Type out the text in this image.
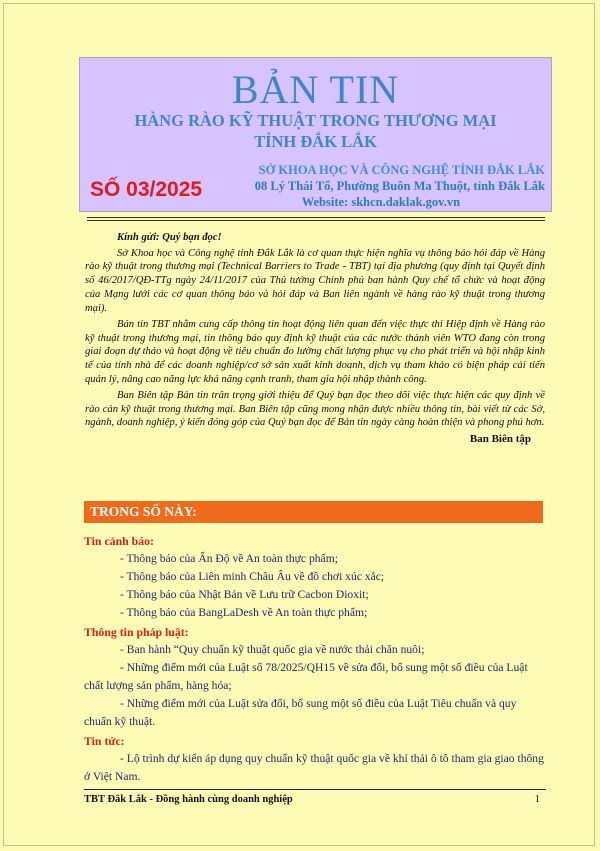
BẢN TIN
HÀNG RÀO KỸ THUẬT TRONG THƯƠNG MẠI
TỈNH ĐẮK LẮK
SỐ 03/2025
SỞ KHOA HỌC VÀ CÔNG NGHỆ TỈNH ĐẮK LẮK
08 Lý Thái Tổ, Phường Buôn Ma Thuột, tỉnh Đắk Lắk
Website: skhcn.daklak.gov.vn

Kính gửi: Quý bạn đọc!

Sở Khoa học và Công nghệ tỉnh Đắk Lắk là cơ quan thực hiện nghĩa vụ thông báo hỏi đáp về Hàng rào kỹ thuật trong thương mại (Technical Barriers to Trade - TBT) tại địa phương (quy định tại Quyết định số 46/2017/QĐ-TTg ngày 24/11/2017 của Thủ tướng Chính phủ ban hành Quy chế tổ chức và hoạt động của Mạng lưới các cơ quan thông báo và hỏi đáp và Ban liên ngành về hàng rào kỹ thuật trong thương mại).

Bản tin TBT nhằm cung cấp thông tin hoạt động liên quan đến việc thực thi Hiệp định về Hàng rào kỹ thuật trong thương mại, tin thông báo quy định kỹ thuật của các nước thành viên WTO đang còn trong giai đoạn dự thảo và hoạt động về tiêu chuẩn đo lường chất lượng phục vụ cho phát triển và hội nhập kinh tế của tỉnh nhà để các doanh nghiệp/cơ sở sản xuất kinh doanh, dịch vụ tham khảo có biện pháp cải tiến quản lý, nâng cao năng lực khả năng cạnh tranh, tham gia hội nhập thành công.

Ban Biên tập Bản tin trân trọng giới thiệu để Quý bạn đọc theo dõi việc thực hiện các quy định về rào cản kỹ thuật trong thương mại. Ban Biên tập cũng mong nhận được nhiều thông tin, bài viết từ các Sở, ngành, doanh nghiệp, ý kiến đóng góp của Quý bạn đọc để Bản tin ngày càng hoàn thiện và phong phú hơn.

Ban Biên tập
TRONG SỐ NÀY:
Tin cảnh báo:
- Thông báo của Ấn Độ về An toàn thực phẩm;
- Thông báo của Liên minh Châu Âu về đồ chơi xúc xắc;
- Thông báo của Nhật Bản về Lưu trữ Cacbon Dioxit;
- Thông báo của BangLaDesh về An toàn thực phẩm;
Thông tin pháp luật:
- Ban hành “Quy chuẩn kỹ thuật quốc gia về nước thải chăn nuôi;
- Những điểm mới của Luật số 78/2025/QH15 về sửa đổi, bổ sung một số điều của Luật chất lượng sản phẩm, hàng hóa;
- Những điểm mới của Luật sửa đổi, bổ sung một số điều của Luật Tiêu chuẩn và quy chuẩn kỹ thuật.
Tin tức:
- Lộ trình dự kiến áp dụng quy chuẩn kỹ thuật quốc gia về khí thải ô tô tham gia giao thông ở Việt Nam.
TBT Đắk Lắk - Đồng hành cùng doanh nghiệp	1
